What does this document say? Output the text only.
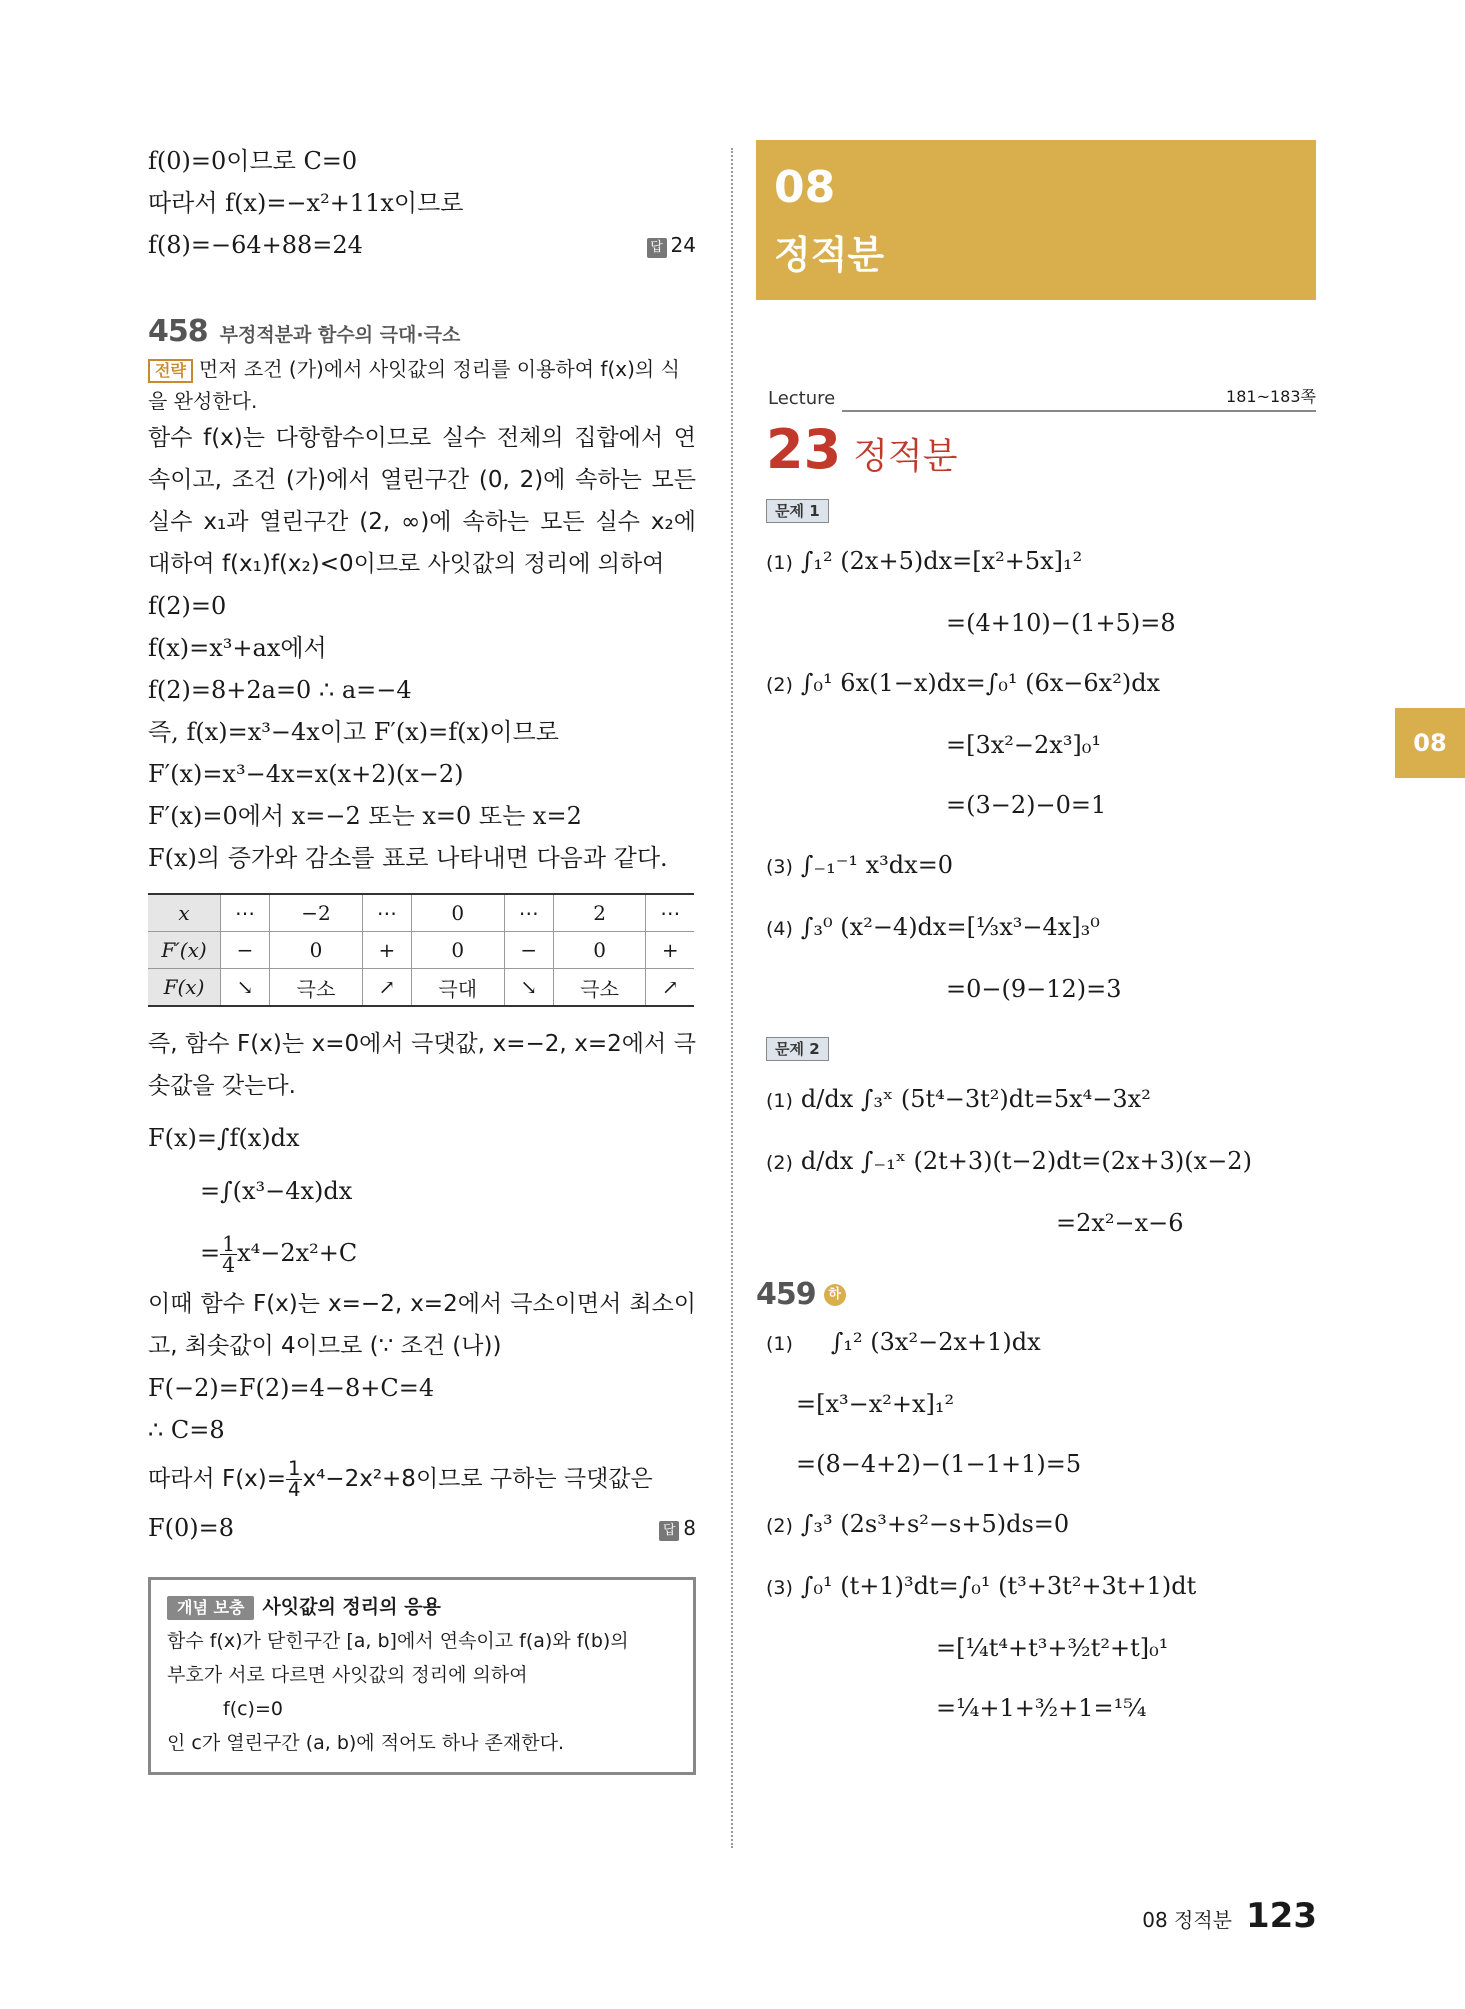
f(0)=0이므로 C=0
따라서 f(x)=−x²+11x이므로
f(8)=−64+88=24	답 24
458 부정적분과 함수의 극대·극소
전략 먼저 조건 (가)에서 사잇값의 정리를 이용하여 f(x)의 식을 완성한다.
함수 f(x)는 다항함수이므로 실수 전체의 집합에서 연속이고, 조건 (가)에서 열린구간 (0, 2)에 속하는 모든 실수 x₁과 열린구간 (2, ∞)에 속하는 모든 실수 x₂에 대하여 f(x₁)f(x₂)<0이므로 사잇값의 정리에 의하여
f(2)=0
f(x)=x³+ax에서
f(2)=8+2a=0 ∴ a=−4
즉, f(x)=x³−4x이고 F′(x)=f(x)이므로
F′(x)=x³−4x=x(x+2)(x−2)
F′(x)=0에서 x=−2 또는 x=0 또는 x=2
F(x)의 증가와 감소를 표로 나타내면 다음과 같다.
x	⋯	−2	⋯	0	⋯	2	⋯
F′(x)	−	0	+	0	−	0	+
F(x)	↘	극소	↗	극대	↘	극소	↗
즉, 함수 F(x)는 x=0에서 극댓값, x=−2, x=2에서 극솟값을 갖는다.
F(x)=∫f(x)dx
=∫(x³−4x)dx
= $\frac{1}{4} x^4-2x^2+C$
이때 함수 F(x)는 x=−2, x=2에서 극소이면서 최소이고, 최솟값이 4이므로 (∵ 조건 (나))
F(−2)=F(2)=4−8+C=4
∴ C=8
따라서 $F(x)= \frac{1}{4} x^4-2x^2+8$이므로 구하는 극댓값은
F(0)=8	답 8
개념 보충 사잇값의 정리의 응용
함수 f(x)가 닫힌구간 [a, b]에서 연속이고 f(a)와 f(b)의
부호가 서로 다르면 사잇값의 정리에 의하여
f(c)=0
인 c가 열린구간 (a, b)에 적어도 하나 존재한다.
08
정적분
Lecture	181~183쪽
23 정적분
문제 1
(1) ∫₁² (2x+5)dx=[x²+5x]₁²
=(4+10)−(1+5)=8
(2) ∫₀¹ 6x(1−x)dx=∫₀¹ (6x−6x²)dx
=[3x²−2x³]₀¹
=(3−2)−0=1
(3) ∫₋₁⁻¹ x³dx=0
(4) ∫₃⁰ (x²−4)dx=[⅓x³−4x]₃⁰
=0−(9−12)=3
문제 2
(1) d/dx ∫₃ˣ (5t⁴−3t²)dt=5x⁴−3x²
(2) d/dx ∫₋₁ˣ (2t+3)(t−2)dt=(2x+3)(x−2)
=2x²−x−6
459 하
(1) ∫₁² (3x²−2x+1)dx
=[x³−x²+x]₁²
=(8−4+2)−(1−1+1)=5
(2) ∫₃³ (2s³+s²−s+5)ds=0
(3) ∫₀¹ (t+1)³dt=∫₀¹ (t³+3t²+3t+1)dt
=[¼t⁴+t³+³⁄₂t²+t]₀¹
=¼+1+³⁄₂+1=¹⁵⁄₄
08
08 정적분 123
